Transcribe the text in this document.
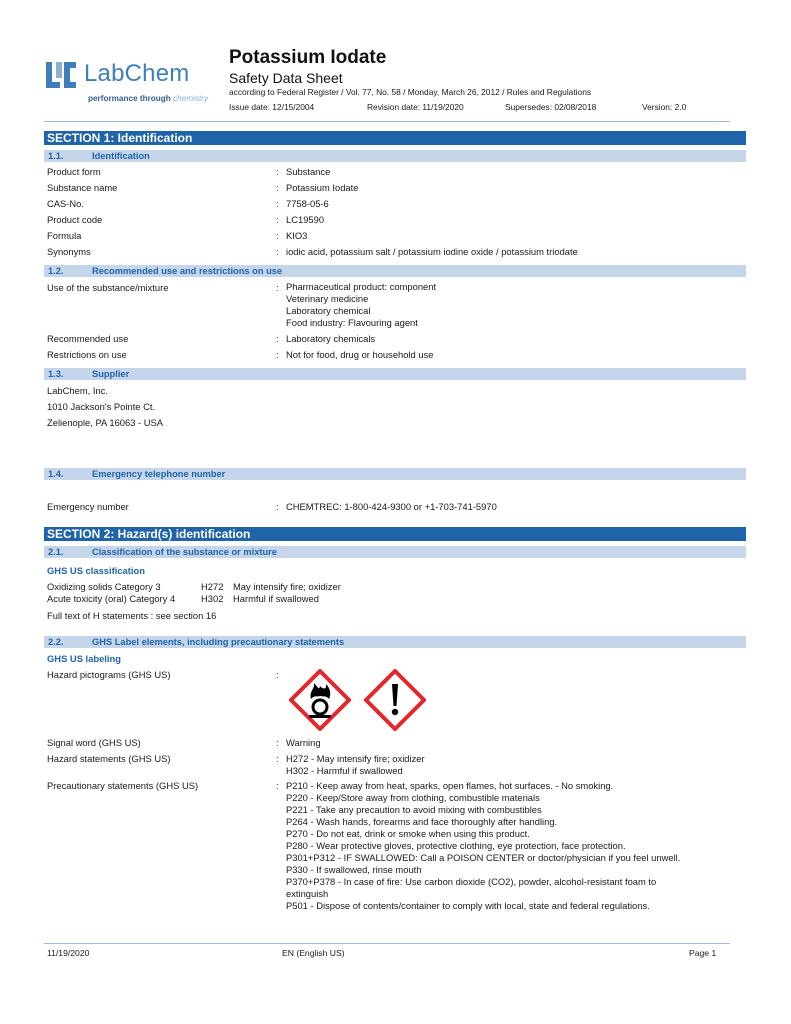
LabChem
performance through chemistry
Potassium Iodate
Safety Data Sheet
according to Federal Register / Vol. 77, No. 58 / Monday, March 26, 2012 / Rules and Regulations
Issue date: 12/15/2004	Revision date: 11/19/2020	Supersedes: 02/08/2018	Version: 2.0
SECTION 1: Identification
1.1.	Identification
Product form	: Substance
Substance name	: Potassium Iodate
CAS-No.	: 7758-05-6
Product code	: LC19590
Formula	: KIO3
Synonyms	: iodic acid, potassium salt / potassium iodine oxide / potassium triodate
1.2.	Recommended use and restrictions on use
Use of the substance/mixture	: Pharmaceutical product: component
Veterinary medicine
Laboratory chemical
Food industry: Flavouring agent
Recommended use	: Laboratory chemicals
Restrictions on use	: Not for food, drug or household use
1.3.	Supplier
LabChem, Inc.
1010 Jackson's Pointe Ct.
Zelienople, PA 16063 - USA
1.4.	Emergency telephone number
Emergency number	: CHEMTREC: 1-800-424-9300 or +1-703-741-5970
SECTION 2: Hazard(s) identification
2.1.	Classification of the substance or mixture
GHS US classification
Oxidizing solids Category 3	H272 May intensify fire; oxidizer
Acute toxicity (oral) Category 4	H302 Harmful if swallowed
Full text of H statements : see section 16
2.2.	GHS Label elements, including precautionary statements
GHS US labeling
Hazard pictograms (GHS US)	:
Signal word (GHS US)	: Warning
Hazard statements (GHS US)	: H272 - May intensify fire; oxidizer
H302 - Harmful if swallowed
Precautionary statements (GHS US)	: P210 - Keep away from heat, sparks, open flames, hot surfaces. - No smoking.
P220 - Keep/Store away from clothing, combustible materials
P221 - Take any precaution to avoid mixing with combustibles
P264 - Wash hands, forearms and face thoroughly after handling.
P270 - Do not eat, drink or smoke when using this product.
P280 - Wear protective gloves, protective clothing, eye protection, face protection.
P301+P312 - IF SWALLOWED: Call a POISON CENTER or doctor/physician if you feel unwell.
P330 - If swallowed, rinse mouth
P370+P378 - In case of fire: Use carbon dioxide (CO2), powder, alcohol-resistant foam to
extinguish
P501 - Dispose of contents/container to comply with local, state and federal regulations.
11/19/2020	EN (English US)	Page 1
